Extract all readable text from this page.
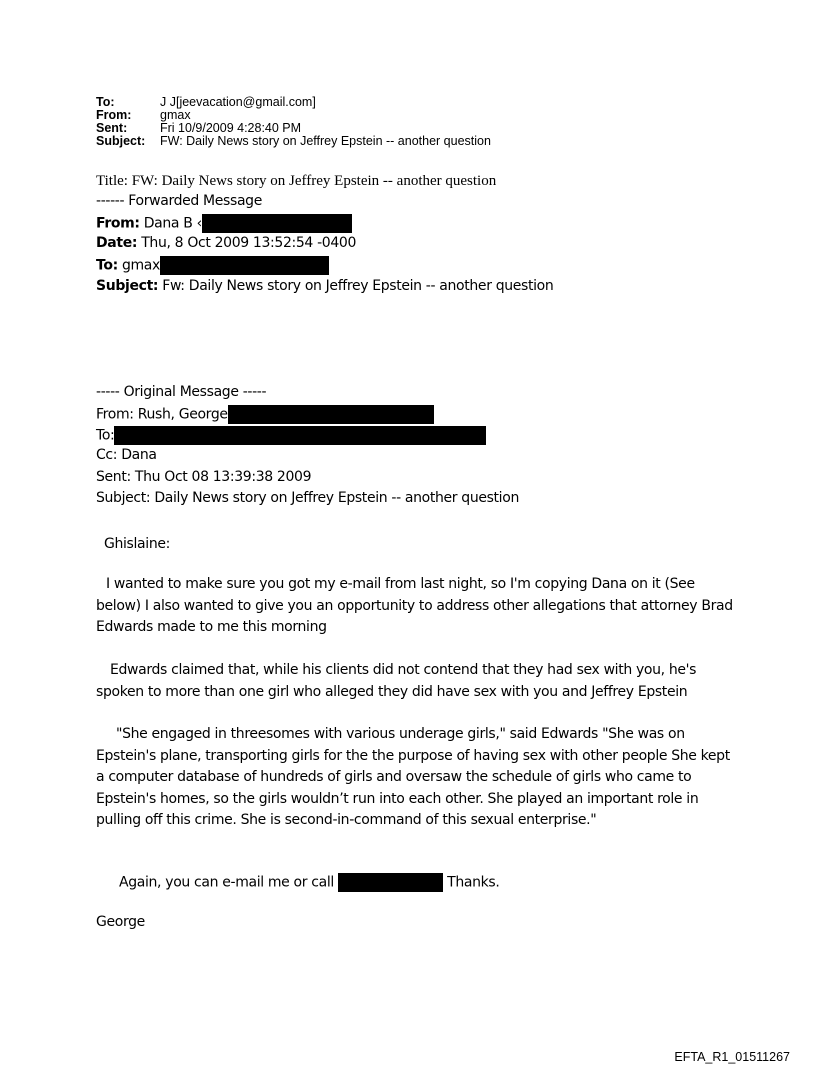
To:	J J[jeevacation@gmail.com]
From:	gmax
Sent:	Fri 10/9/2009 4:28:40 PM
Subject:	FW: Daily News story on Jeffrey Epstein -- another question
Title: FW: Daily News story on Jeffrey Epstein -- another question
------ Forwarded Message
From: Dana B ‹
Date: Thu, 8 Oct 2009 13:52:54 -0400
To: gmax
Subject: Fw: Daily News story on Jeffrey Epstein -- another question
----- Original Message -----
From: Rush, George
To:
Cc: Dana
Sent: Thu Oct 08 13:39:38 2009
Subject: Daily News story on Jeffrey Epstein -- another question
Ghislaine:
I wanted to make sure you got my e-mail from last night, so I'm copying Dana on it (See below) I also wanted to give you an opportunity to address other allegations that attorney Brad Edwards made to me this morning
Edwards claimed that, while his clients did not contend that they had sex with you, he's spoken to more than one girl who alleged they did have sex with you and Jeffrey Epstein
"She engaged in threesomes with various underage girls," said Edwards "She was on Epstein's plane, transporting girls for the the purpose of having sex with other people She kept a computer database of hundreds of girls and oversaw the schedule of girls who came to Epstein's homes, so the girls wouldn’t run into each other. She played an important role in pulling off this crime. She is second-in-command of this sexual enterprise."
Again, you can e-mail me or call	Thanks.
George
EFTA_R1_01511267
